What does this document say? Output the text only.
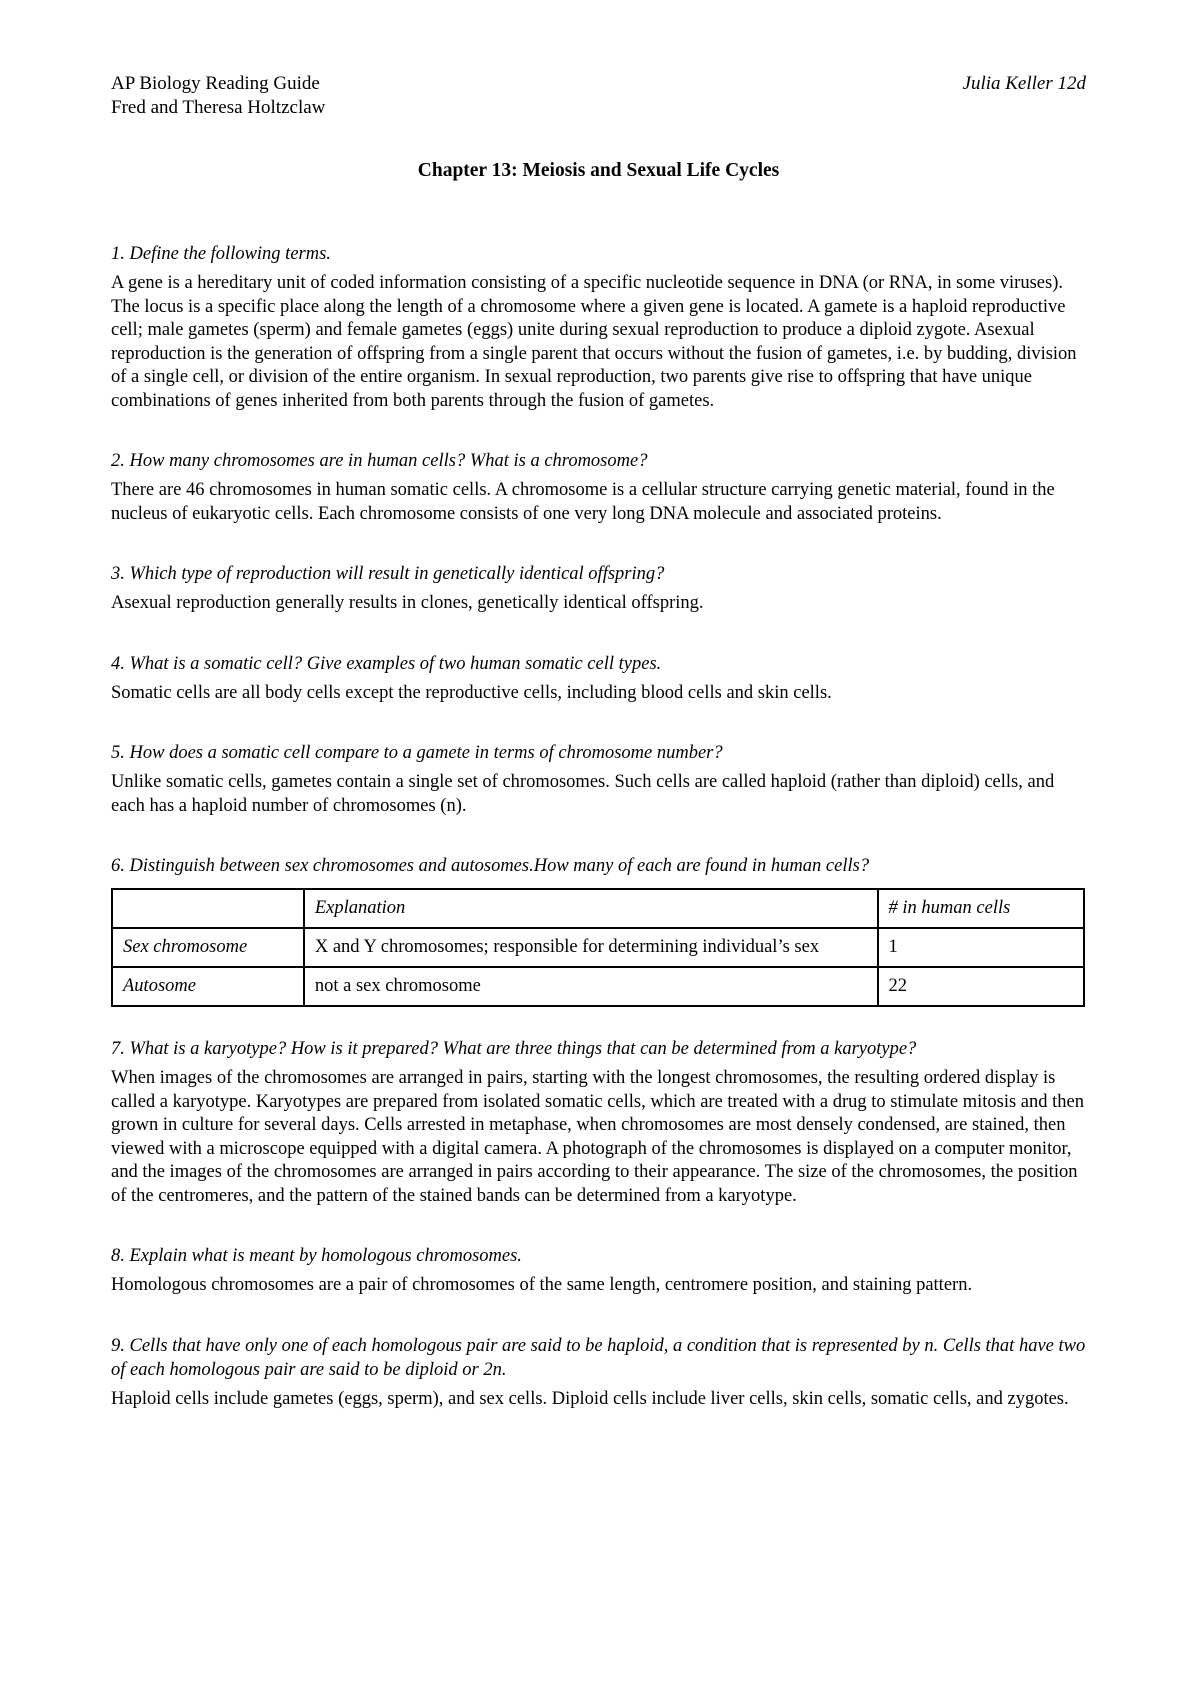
AP Biology Reading Guide
Fred and Theresa Holtzclaw
Julia Keller 12d
Chapter 13: Meiosis and Sexual Life Cycles
1. Define the following terms.
A gene is a hereditary unit of coded information consisting of a specific nucleotide sequence in DNA (or RNA, in some viruses). The locus is a specific place along the length of a chromosome where a given gene is located. A gamete is a haploid reproductive cell; male gametes (sperm) and female gametes (eggs) unite during sexual reproduction to produce a diploid zygote. Asexual reproduction is the generation of offspring from a single parent that occurs without the fusion of gametes, i.e. by budding, division of a single cell, or division of the entire organism. In sexual reproduction, two parents give rise to offspring that have unique combinations of genes inherited from both parents through the fusion of gametes.
2. How many chromosomes are in human cells? What is a chromosome?
There are 46 chromosomes in human somatic cells. A chromosome is a cellular structure carrying genetic material, found in the nucleus of eukaryotic cells. Each chromosome consists of one very long DNA molecule and associated proteins.
3. Which type of reproduction will result in genetically identical offspring?
Asexual reproduction generally results in clones, genetically identical offspring.
4. What is a somatic cell? Give examples of two human somatic cell types.
Somatic cells are all body cells except the reproductive cells, including blood cells and skin cells.
5. How does a somatic cell compare to a gamete in terms of chromosome number?
Unlike somatic cells, gametes contain a single set of chromosomes. Such cells are called haploid (rather than diploid) cells, and each has a haploid number of chromosomes (n).
6. Distinguish between sex chromosomes and autosomes.How many of each are found in human cells?
	Explanation	# in human cells
Sex chromosome	X and Y chromosomes; responsible for determining individual’s sex	1
Autosome	not a sex chromosome	22
7. What is a karyotype? How is it prepared? What are three things that can be determined from a karyotype?
When images of the chromosomes are arranged in pairs, starting with the longest chromosomes, the resulting ordered display is called a karyotype. Karyotypes are prepared from isolated somatic cells, which are treated with a drug to stimulate mitosis and then grown in culture for several days. Cells arrested in metaphase, when chromosomes are most densely condensed, are stained, then viewed with a microscope equipped with a digital camera. A photograph of the chromosomes is displayed on a computer monitor, and the images of the chromosomes are arranged in pairs according to their appearance. The size of the chromosomes, the position of the centromeres, and the pattern of the stained bands can be determined from a karyotype.
8. Explain what is meant by homologous chromosomes.
Homologous chromosomes are a pair of chromosomes of the same length, centromere position, and staining pattern.
9. Cells that have only one of each homologous pair are said to be haploid, a condition that is represented by n. Cells that have two of each homologous pair are said to be diploid or 2n.
Haploid cells include gametes (eggs, sperm), and sex cells. Diploid cells include liver cells, skin cells, somatic cells, and zygotes.
